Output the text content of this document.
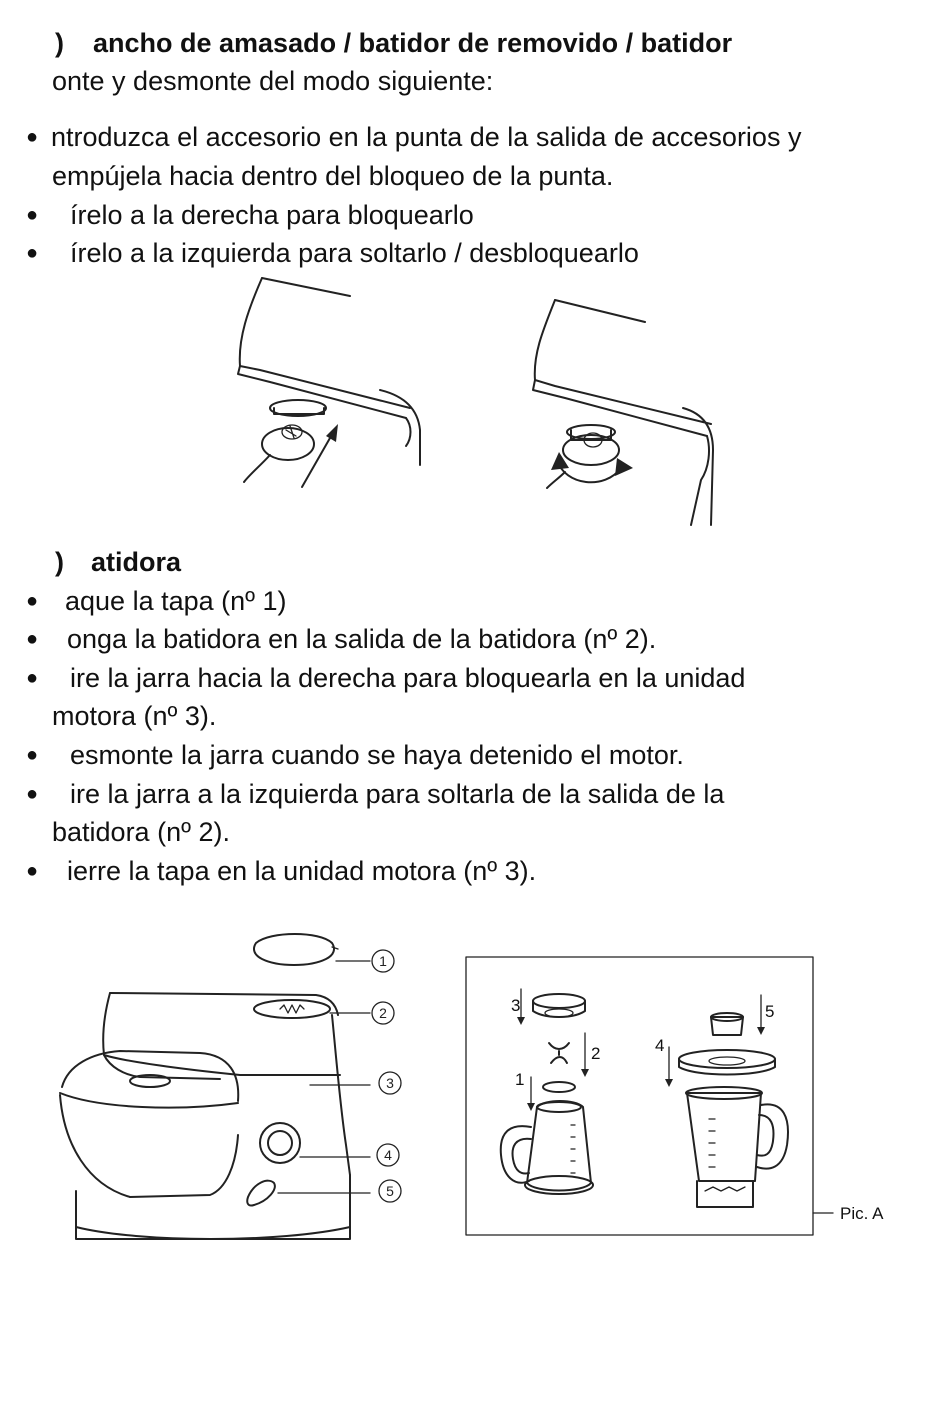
) ancho de amasado / batidor de removido / batidor
onte y desmonte del modo siguiente:
● ntroduzca el accesorio en la punta de la salida de accesorios y
empújela hacia dentro del bloqueo de la punta.
● írelo a la derecha para bloquearlo
● írelo a la izquierda para soltarlo / desbloquearlo
) atidora
● aque la tapa (nº 1)
● onga la batidora en la salida de la batidora (nº 2).
● ire la jarra hacia la derecha para bloquearla en la unidad
motora (nº 3).
● esmonte la jarra cuando se haya detenido el motor.
● ire la jarra a la izquierda para soltarla de la salida de la
batidora (nº 2).
● ierre la tapa en la unidad motora (nº 3).
1
2
3
4
5
1
2
3
4
5
Pic. A
